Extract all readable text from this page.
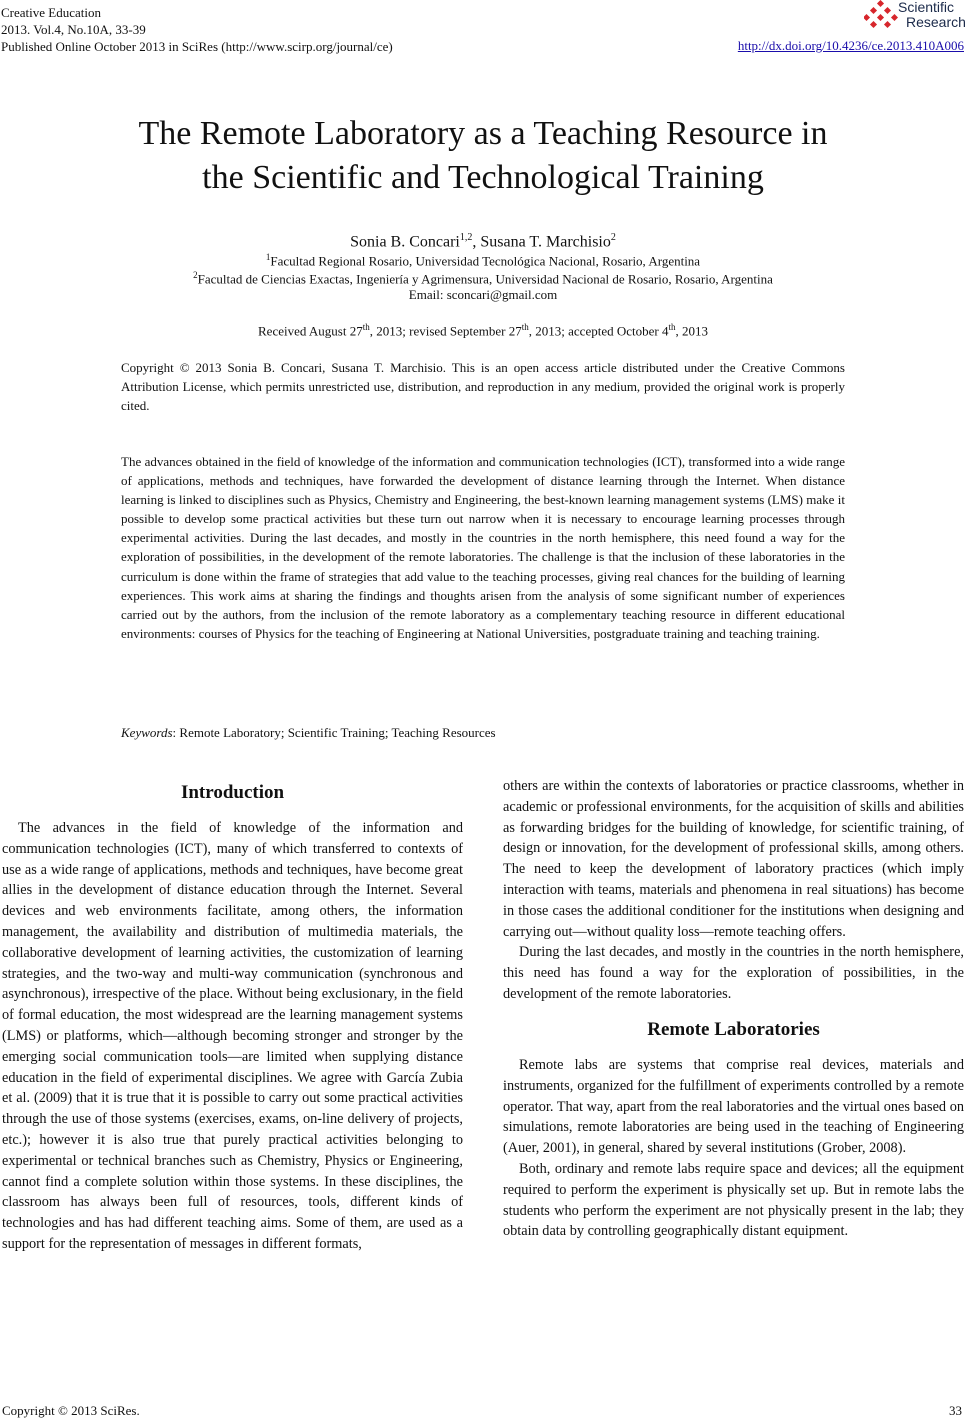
Creative Education
2013. Vol.4, No.10A, 33-39
Published Online October 2013 in SciRes (http://www.scirp.org/journal/ce)
Scientific
Research
http://dx.doi.org/10.4236/ce.2013.410A006
The Remote Laboratory as a Teaching Resource in
the Scientific and Technological Training
Sonia B. Concari$^{1,2}$, Susana T. Marchisio$^2$
$^1$Facultad Regional Rosario, Universidad Tecnológica Nacional, Rosario, Argentina
$^2$Facultad de Ciencias Exactas, Ingeniería y Agrimensura, Universidad Nacional de Rosario, Rosario, Argentina
Email: sconcari@gmail.com
Received August 27th, 2013; revised September 27th, 2013; accepted October 4th, 2013
Copyright © 2013 Sonia B. Concari, Susana T. Marchisio. This is an open access article distributed under the Creative Commons Attribution License, which permits unrestricted use, distribution, and reproduction in any medium, provided the original work is properly cited.
The advances obtained in the field of knowledge of the information and communication technologies (ICT), transformed into a wide range of applications, methods and techniques, have forwarded the development of distance learning through the Internet. When distance learning is linked to disciplines such as Physics, Chemistry and Engineering, the best-known learning management systems (LMS) make it possible to develop some practical activities but these turn out narrow when it is necessary to encourage learning processes through experimental activities. During the last decades, and mostly in the countries in the north hemisphere, this need found a way for the exploration of possibilities, in the development of the remote laboratories. The challenge is that the inclusion of these laboratories in the curriculum is done within the frame of strategies that add value to the teaching processes, giving real chances for the building of learning experiences. This work aims at sharing the findings and thoughts arisen from the analysis of some significant number of experiences carried out by the authors, from the inclusion of the remote laboratory as a complementary teaching resource in different educational environments: courses of Physics for the teaching of Engineering at National Universities, postgraduate training and teaching training.
Keywords: Remote Laboratory; Scientific Training; Teaching Resources
Introduction

The advances in the field of knowledge of the information and communication technologies (ICT), many of which transferred to contexts of use as a wide range of applications, methods and techniques, have become great allies in the development of distance education through the Internet. Several devices and web environments facilitate, among others, the information management, the availability and distribution of multimedia materials, the collaborative development of learning activities, the customization of learning strategies, and the two-way and multi-way communication (synchronous and asynchronous), irrespective of the place. Without being exclusionary, in the field of formal education, the most widespread are the learning management systems (LMS) or platforms, which—although becoming stronger and stronger by the emerging social communication tools—are limited when supplying distance education in the field of experimental disciplines. We agree with García Zubia et al. (2009) that it is true that it is possible to carry out some practical activities through the use of those systems (exercises, exams, on-line delivery of projects, etc.); however it is also true that purely practical activities belonging to experimental or technical branches such as Chemistry, Physics or Engineering, cannot find a complete solution within those systems. In these disciplines, the classroom has always been full of resources, tools, different kinds of technologies and has had different teaching aims. Some of them, are used as a support for the representation of messages in different formats,

others are within the contexts of laboratories or practice classrooms, whether in academic or professional environments, for the acquisition of skills and abilities as forwarding bridges for the building of knowledge, for scientific training, of design or innovation, for the development of professional skills, among others. The need to keep the development of laboratory practices (which imply interaction with teams, materials and phenomena in real situations) has become in those cases the additional conditioner for the institutions when designing and carrying out—without quality loss—remote teaching offers.

During the last decades, and mostly in the countries in the north hemisphere, this need has found a way for the exploration of possibilities, in the development of the remote laboratories.

Remote Laboratories

Remote labs are systems that comprise real devices, materials and instruments, organized for the fulfillment of experiments controlled by a remote operator. That way, apart from the real laboratories and the virtual ones based on simulations, remote laboratories are being used in the teaching of Engineering (Auer, 2001), in general, shared by several institutions (Grober, 2008).

Both, ordinary and remote labs require space and devices; all the equipment required to perform the experiment is physically set up. But in remote labs the students who perform the experiment are not physically present in the lab; they obtain data by controlling geographically distant equipment.

Copyright © 2013 SciRes.	33
